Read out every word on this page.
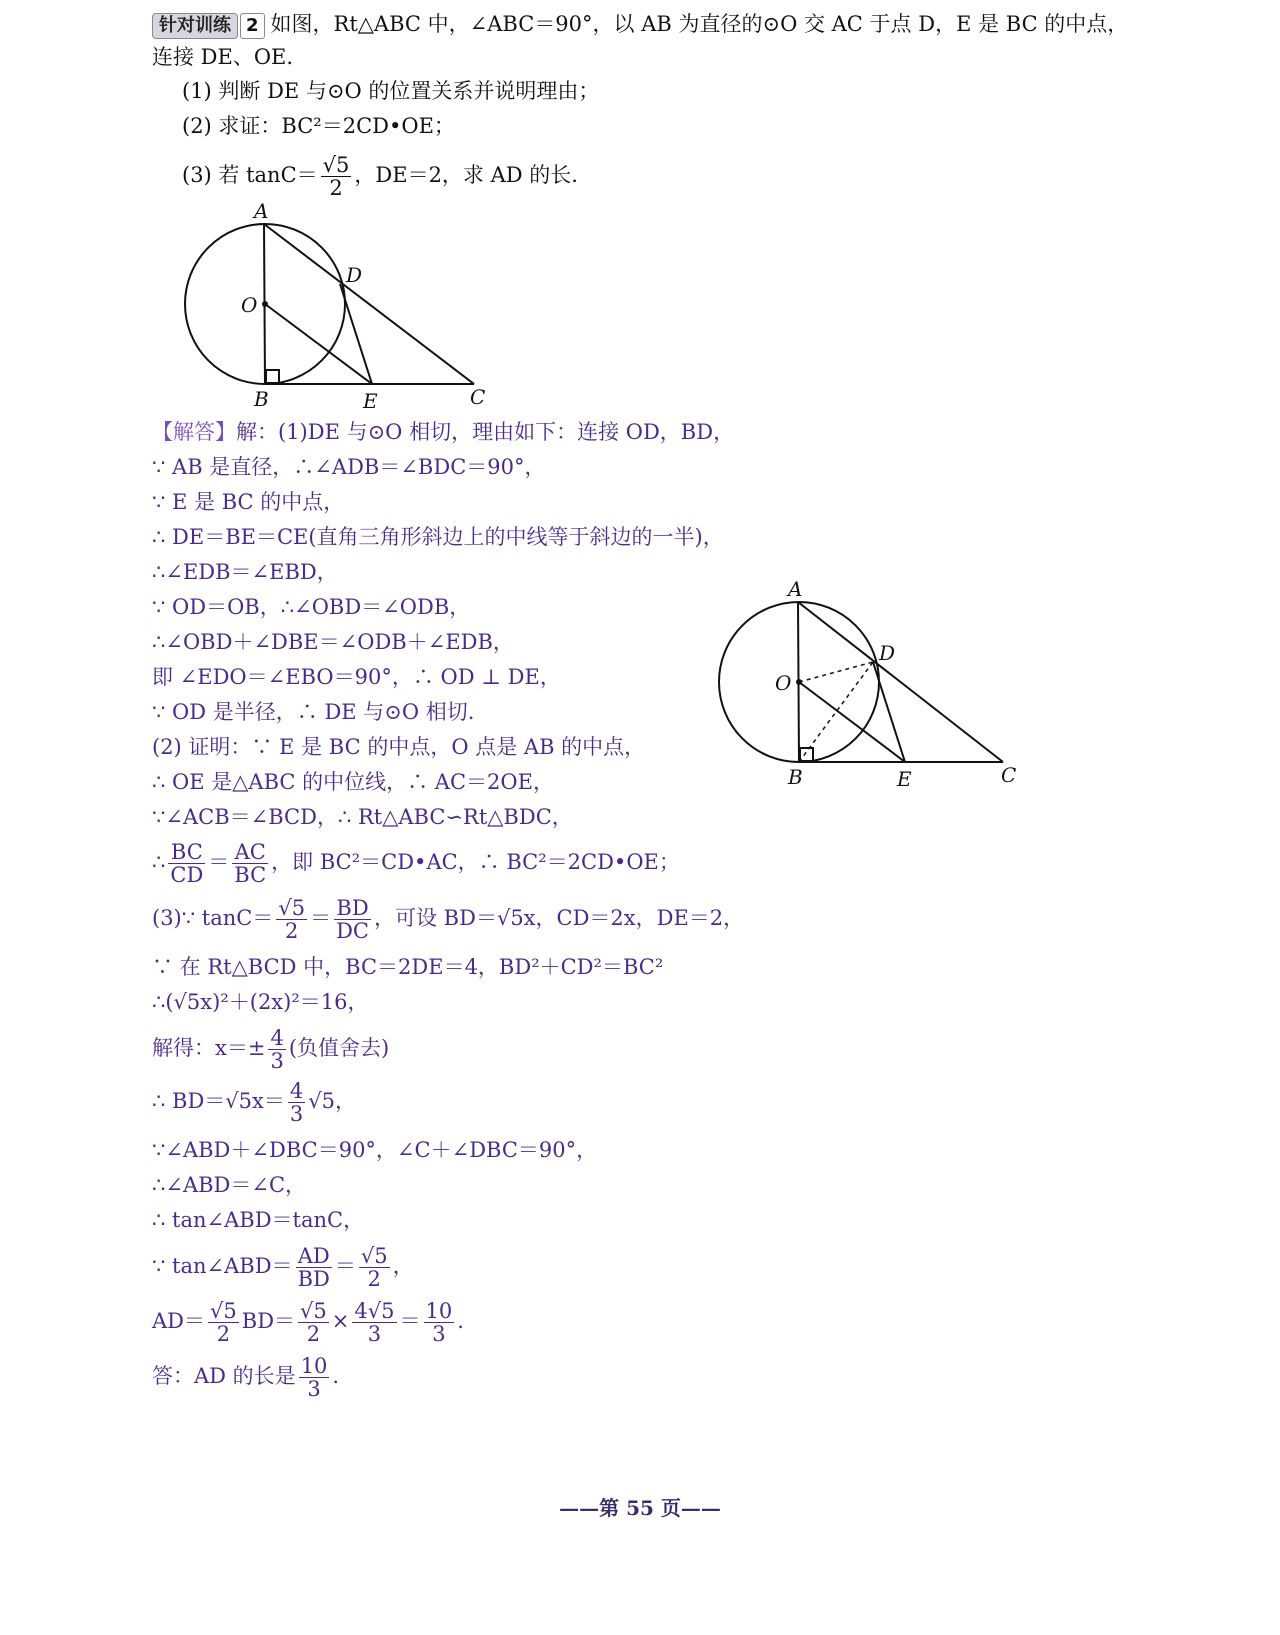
针对训练 2 如图，Rt△ABC 中，∠ABC＝90°，以 AB 为直径的⊙O 交 AC 于点 D，E 是 BC 的中点，
连接 DE、OE.
(1) 判断 DE 与⊙O 的位置关系并说明理由；
(2) 求证：BC²＝2CD•OE；
(3) 若 $\tan C= \frac{√5}{2}$ ，DE＝2，求 AD 的长.
A
O
D
B	E	C
A
O
D
B	E	C
【解答】解：(1)DE 与⊙O 相切，理由如下：连接 OD，BD，
∵ AB 是直径，∴∠ADB＝∠BDC＝90°，
∵ E 是 BC 的中点，
∴ DE＝BE＝CE(直角三角形斜边上的中线等于斜边的一半)，
∴∠EDB＝∠EBD，
∵ OD＝OB，∴∠OBD＝∠ODB，
∴∠OBD＋∠DBE＝∠ODB＋∠EDB，
即 ∠EDO＝∠EBO＝90°，∴ OD ⊥ DE，
∵ OD 是半径，∴ DE 与⊙O 相切.
(2) 证明：∵ E 是 BC 的中点，O 点是 AB 的中点，
∴ OE 是△ABC 的中位线，∴ AC＝2OE，
∵∠ACB＝∠BCD，∴ Rt△ABC∽Rt△BDC，
∴ $\frac{BC}{CD} = \frac{AC}{BC}$ ，即 BC²＝CD•AC，∴ BC²＝2CD•OE；
(3)∵ $\tan C= \frac{√5}{2} = \frac{BD}{DC}$ ，可设 BD＝√5x，CD＝2x，DE＝2，
∵ 在 Rt△BCD 中，BC＝2DE＝4，BD²＋CD²＝BC²
∴(√5x)²＋(2x)²＝16，
解得：$x=\pm \frac{4}{3}$ (负值舍去)
∴ $BD=√5x= \frac{4}{3} √5$，
∵∠ABD＋∠DBC＝90°，∠C＋∠DBC＝90°，
∴∠ABD＝∠C，
∴ tan∠ABD＝tanC，
∵ tan∠ABD＝ $\frac{AD}{BD} = \frac{√5}{2}$ ，
$AD= \frac{√5}{2} BD= \frac{√5}{2} \times \frac{4√5}{3} = \frac{10}{3}$ .
答：AD 的长是 $\frac{10}{3}$ .
——第 55 页——
